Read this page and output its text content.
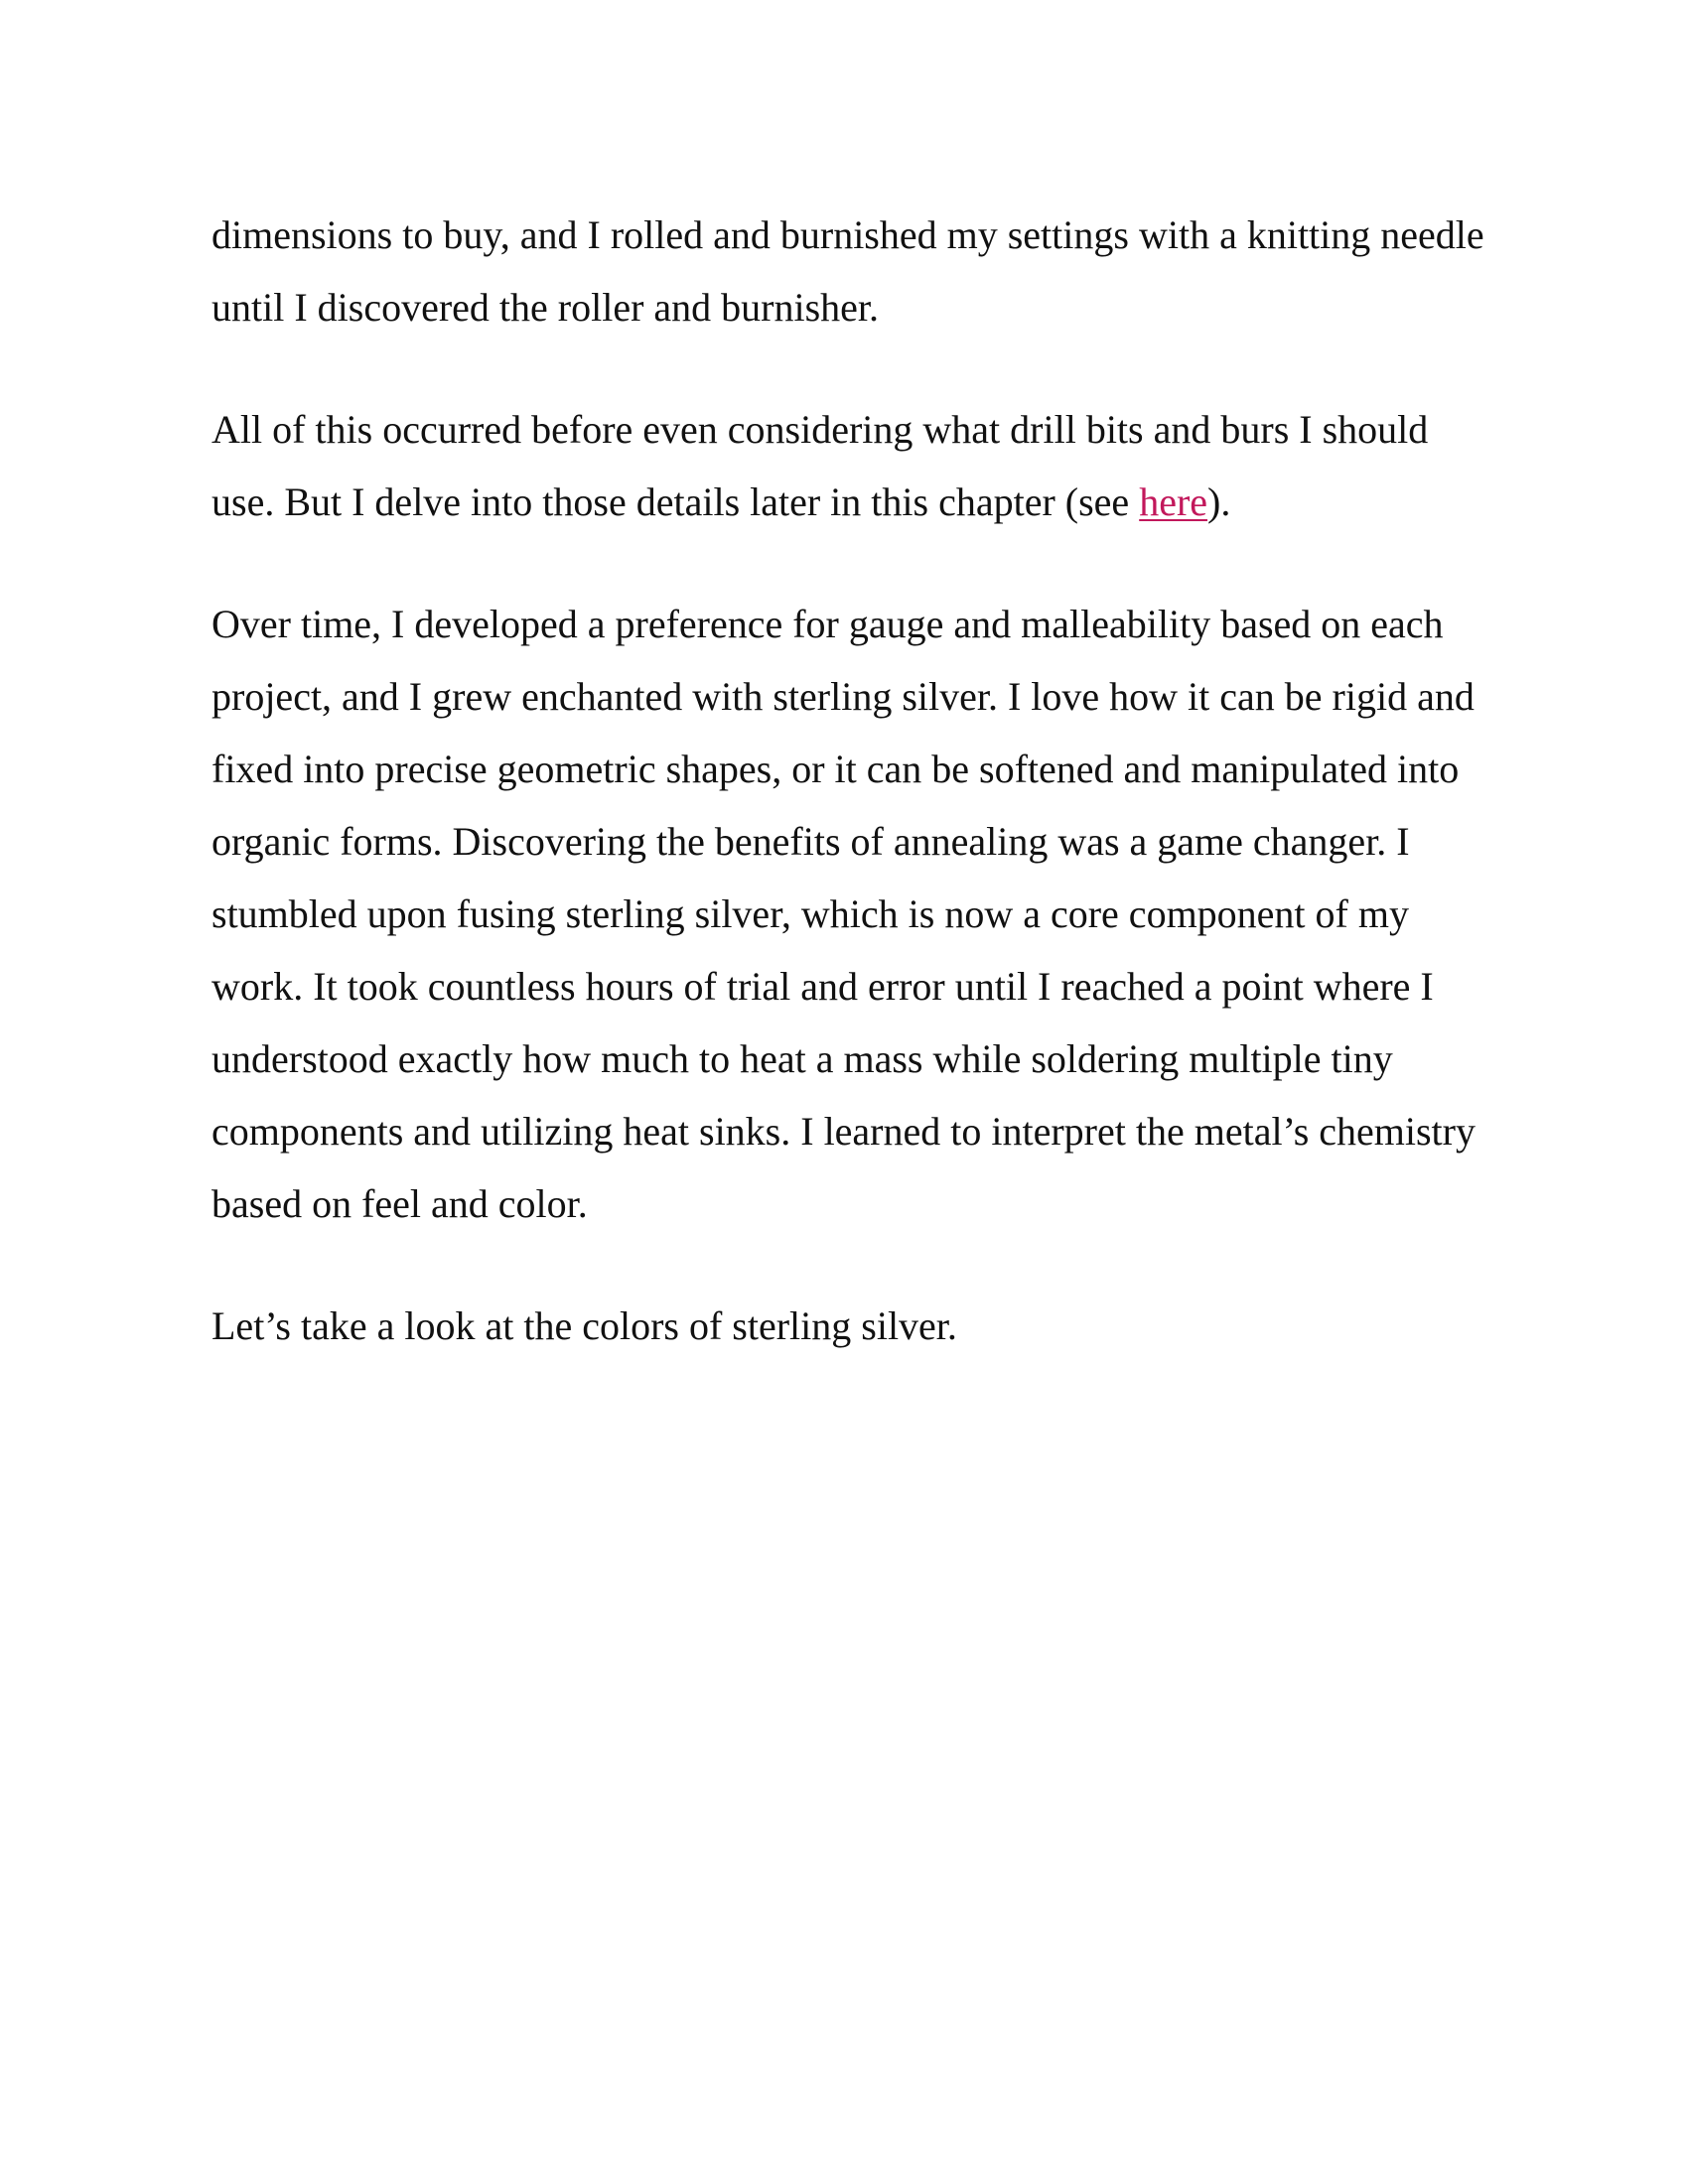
dimensions to buy, and I rolled and burnished my settings with a knitting needle until I discovered the roller and burnisher.

All of this occurred before even considering what drill bits and burs I should use. But I delve into those details later in this chapter (see here).

Over time, I developed a preference for gauge and malleability based on each project, and I grew enchanted with sterling silver. I love how it can be rigid and fixed into precise geometric shapes, or it can be softened and manipulated into organic forms. Discovering the benefits of annealing was a game changer. I stumbled upon fusing sterling silver, which is now a core component of my work. It took countless hours of trial and error until I reached a point where I understood exactly how much to heat a mass while soldering multiple tiny components and utilizing heat sinks. I learned to interpret the metal’s chemistry based on feel and color.

Let’s take a look at the colors of sterling silver.
